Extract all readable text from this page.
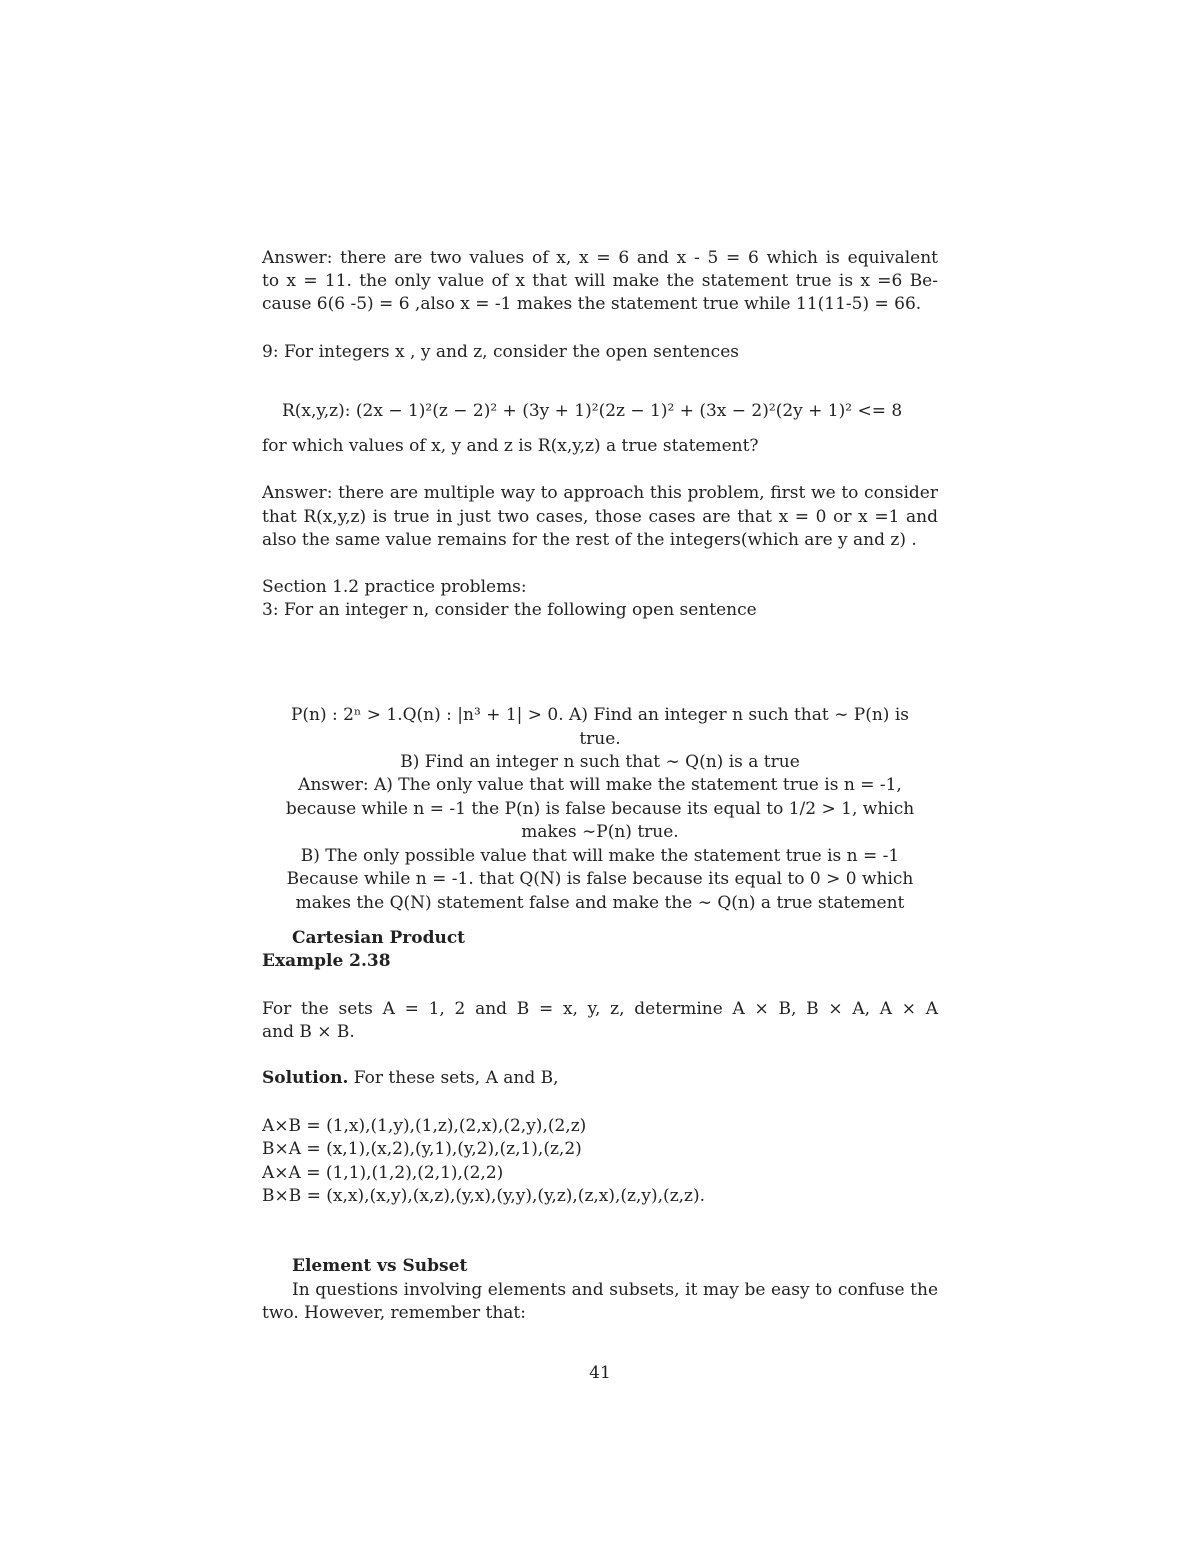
Answer: there are two values of x, x = 6 and x - 5 = 6 which is equivalent
to x = 11. the only value of x that will make the statement true is x =6 Be-
cause 6(6 -5) = 6 ,also x = -1 makes the statement true while 11(11-5) = 66.
9: For integers x , y and z, consider the open sentences
R(x,y,z): (2x − 1)²(z − 2)² + (3y + 1)²(2z − 1)² + (3x − 2)²(2y + 1)² <= 8
for which values of x, y and z is R(x,y,z) a true statement?
Answer: there are multiple way to approach this problem, first we to consider
that R(x,y,z) is true in just two cases, those cases are that x = 0 or x =1 and
also the same value remains for the rest of the integers(which are y and z) .
Section 1.2 practice problems:
3: For an integer n, consider the following open sentence
P(n) : 2ⁿ > 1.Q(n) : |n³ + 1| > 0. A) Find an integer n such that ∼ P(n) is
true.
B) Find an integer n such that ∼ Q(n) is a true
Answer: A) The only value that will make the statement true is n = -1,
because while n = -1 the P(n) is false because its equal to 1/2 > 1, which
makes ∼P(n) true.
B) The only possible value that will make the statement true is n = -1
Because while n = -1. that Q(N) is false because its equal to 0 > 0 which
makes the Q(N) statement false and make the ∼ Q(n) a true statement
Cartesian Product
Example 2.38
For the sets A = 1, 2 and B = x, y, z, determine A × B, B × A, A × A
and B × B.
Solution. For these sets, A and B,
A×B = (1,x),(1,y),(1,z),(2,x),(2,y),(2,z)
B×A = (x,1),(x,2),(y,1),(y,2),(z,1),(z,2)
A×A = (1,1),(1,2),(2,1),(2,2)
B×B = (x,x),(x,y),(x,z),(y,x),(y,y),(y,z),(z,x),(z,y),(z,z).
Element vs Subset
In questions involving elements and subsets, it may be easy to confuse the
two. However, remember that:
41
